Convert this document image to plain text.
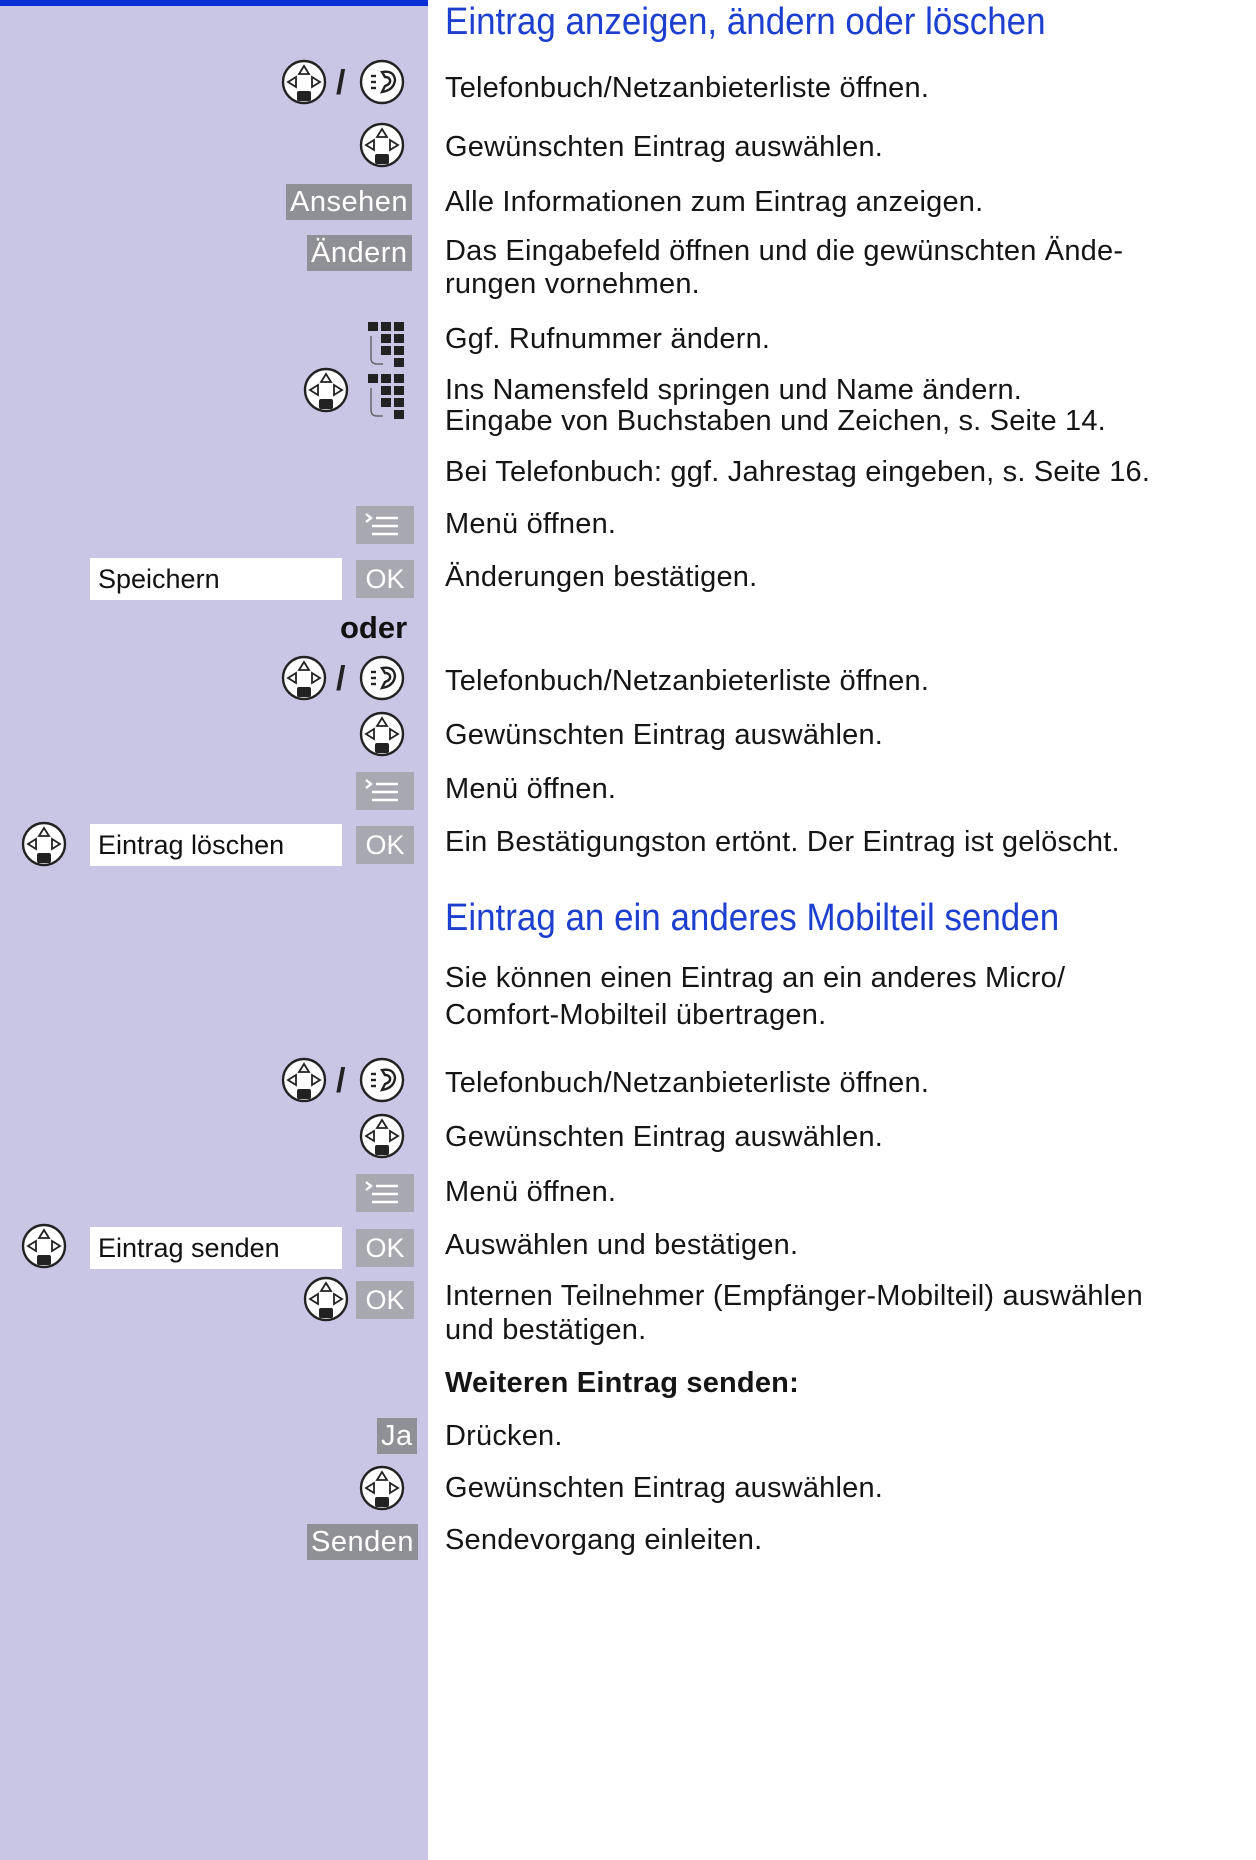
Eintrag anzeigen, ändern oder löschen
/	Telefonbuch/Netzanbieterliste öffnen.
Gewünschten Eintrag auswählen.
Ansehen Alle Informationen zum Eintrag anzeigen.
Ändern Das Eingabefeld öffnen und die gewünschten Ände-
rungen vornehmen.
Ggf. Rufnummer ändern.
Ins Namensfeld springen und Name ändern.
Eingabe von Buchstaben und Zeichen, s. Seite 14.
Bei Telefonbuch: ggf. Jahrestag eingeben, s. Seite 16.
Menü öffnen.
Speichern	OK	Änderungen bestätigen.
oder
/	Telefonbuch/Netzanbieterliste öffnen.
Gewünschten Eintrag auswählen.
Menü öffnen.
Eintrag löschen	OK	Ein Bestätigungston ertönt. Der Eintrag ist gelöscht.
Eintrag an ein anderes Mobilteil senden
Sie können einen Eintrag an ein anderes Micro/
Comfort-Mobilteil übertragen.
/	Telefonbuch/Netzanbieterliste öffnen.
Gewünschten Eintrag auswählen.
Menü öffnen.
Eintrag senden	OK	Auswählen und bestätigen.
OK	Internen Teilnehmer (Empfänger-Mobilteil) auswählen
und bestätigen.
Weiteren Eintrag senden:
Ja Drücken.
Gewünschten Eintrag auswählen.
Senden Sendevorgang einleiten.
